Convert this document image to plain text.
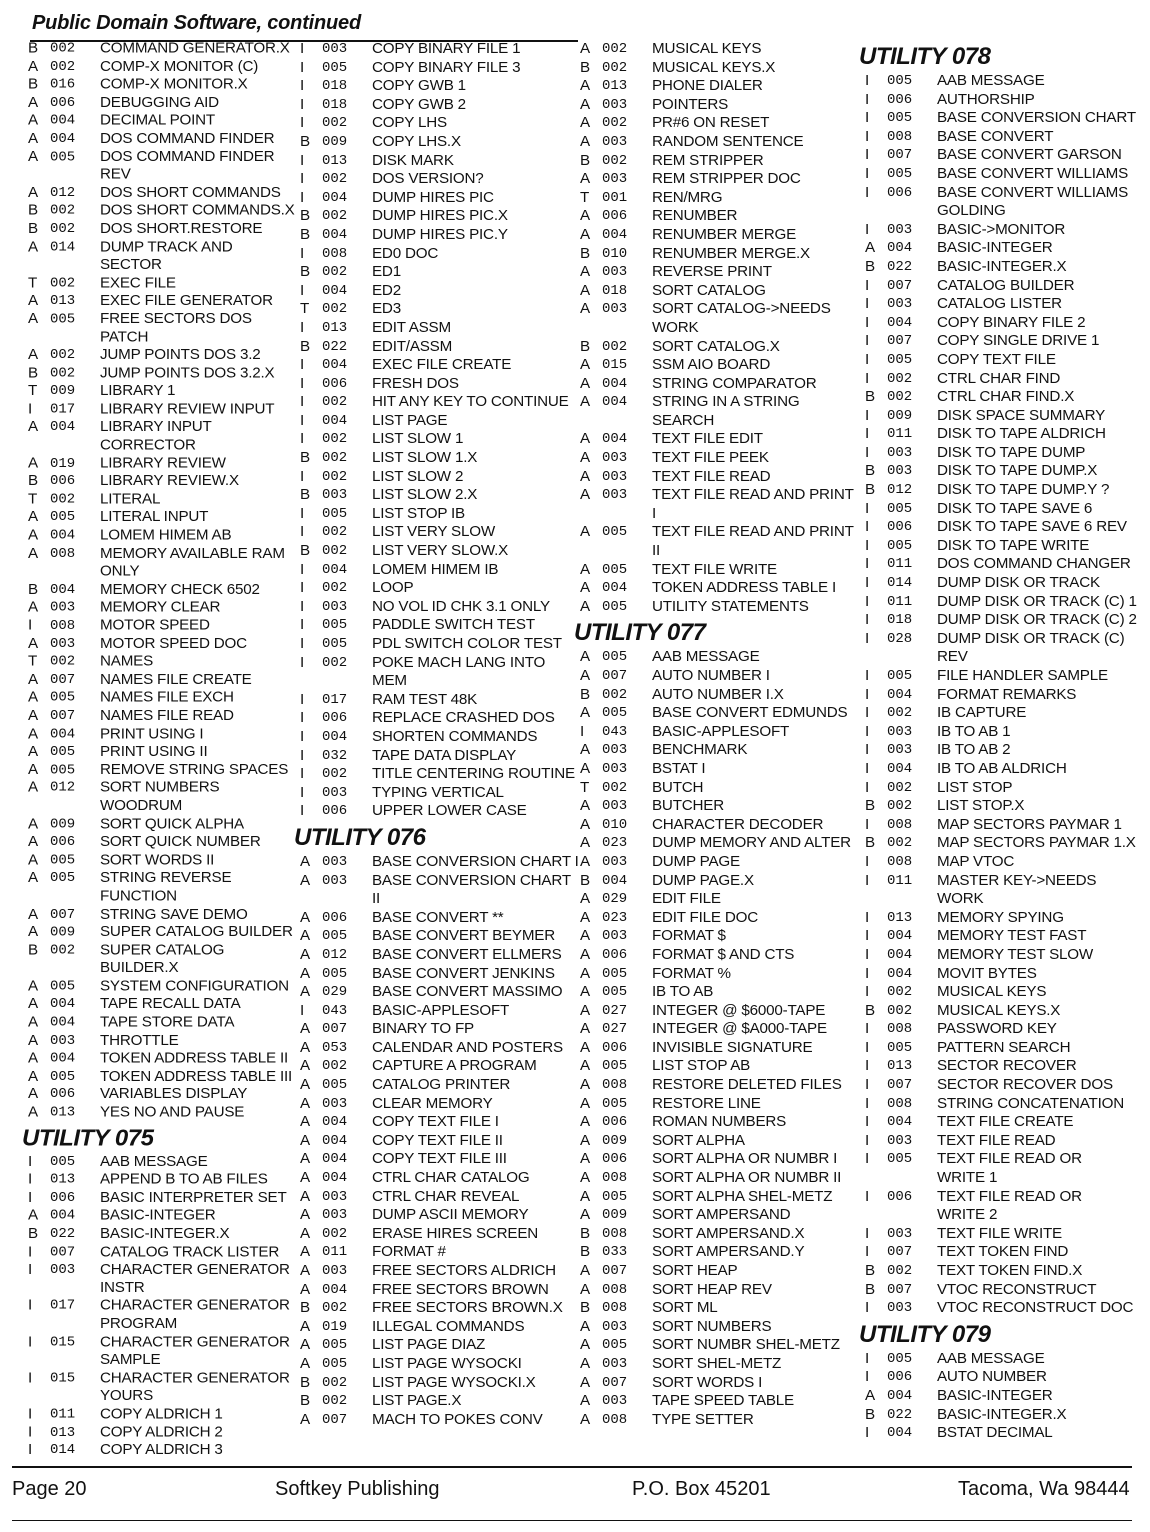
Public Domain Software, continued
B 002	COMMAND GENERATOR.X
A 002	COMP-X MONITOR (C)
B 016	COMP-X MONITOR.X
A 006	DEBUGGING AID
A 004	DECIMAL POINT
A 004	DOS COMMAND FINDER
A 005	DOS COMMAND FINDER
REV
A 012	DOS SHORT COMMANDS
B 002	DOS SHORT COMMANDS.X
B 002	DOS SHORT.RESTORE
A 014	DUMP TRACK AND SECTOR
T 002	EXEC FILE
A 013	EXEC FILE GENERATOR
A 005	FREE SECTORS DOS PATCH
A 002	JUMP POINTS DOS 3.2
B 002	JUMP POINTS DOS 3.2.X
T 009	LIBRARY 1
I	017	LIBRARY REVIEW INPUT
A 004	LIBRARY INPUT
CORRECTOR
A 019	LIBRARY REVIEW
B 006	LIBRARY REVIEW.X
T 002	LITERAL
A 005	LITERAL INPUT
A 004	LOMEM HIMEM AB
A 008	MEMORY AVAILABLE RAM
ONLY
B 004	MEMORY CHECK 6502
A 003	MEMORY CLEAR
I	008	MOTOR SPEED
A 003	MOTOR SPEED DOC
T 002	NAMES
A 007	NAMES FILE CREATE
A 005	NAMES FILE EXCH
A 007	NAMES FILE READ
A 004	PRINT USING I
A 005	PRINT USING II
A 005	REMOVE STRING SPACES
A 012	SORT NUMBERS WOODRUM
A 009	SORT QUICK ALPHA
A 006	SORT QUICK NUMBER
A 005	SORT WORDS II
A 005	STRING REVERSE
FUNCTION
A 007	STRING SAVE DEMO
A 009	SUPER CATALOG BUILDER
B 002	SUPER CATALOG BUILDER.X
A 005	SYSTEM CONFIGURATION
A 004	TAPE RECALL DATA
A 004	TAPE STORE DATA
A 003	THROTTLE
A 004	TOKEN ADDRESS TABLE II
A 005	TOKEN ADDRESS TABLE III
A 006	VARIABLES DISPLAY
A 013	YES NO AND PAUSE
UTILITY 075
I	005	AAB MESSAGE
I	013	APPEND B TO AB FILES
I	006	BASIC INTERPRETER SET
A 004	BASIC-INTEGER
B 022	BASIC-INTEGER.X
I	007	CATALOG TRACK LISTER
I	003	CHARACTER GENERATOR
INSTR
I	017	CHARACTER GENERATOR
PROGRAM
I	015	CHARACTER GENERATOR
SAMPLE
I	015	CHARACTER GENERATOR
YOURS
I	011	COPY ALDRICH 1
I	013	COPY ALDRICH 2
I	014	COPY ALDRICH 3
I	003	COPY BINARY FILE 1
I	005	COPY BINARY FILE 3
I	018	COPY GWB 1
I	018	COPY GWB 2
I	002	COPY LHS
B 009	COPY LHS.X
I	013	DISK MARK
I	002	DOS VERSION?
I	004	DUMP HIRES PIC
B 002	DUMP HIRES PIC.X
B 004	DUMP HIRES PIC.Y
I	008	ED0 DOC
B 002	ED1
I	004	ED2
T 002	ED3
I	013	EDIT ASSM
B 022	EDIT/ASSM
I	004	EXEC FILE CREATE
I	006	FRESH DOS
I	002	HIT ANY KEY TO CONTINUE
I	004	LIST PAGE
I	002	LIST SLOW 1
B 002	LIST SLOW 1.X
I	002	LIST SLOW 2
B 003	LIST SLOW 2.X
I	005	LIST STOP IB
I	002	LIST VERY SLOW
B 002	LIST VERY SLOW.X
I	004	LOMEM HIMEM IB
I	002	LOOP
I	003	NO VOL ID CHK 3.1 ONLY
I	005	PADDLE SWITCH TEST
I	005	PDL SWITCH COLOR TEST
I	002	POKE MACH LANG INTO
MEM
I	017	RAM TEST 48K
I	006	REPLACE CRASHED DOS
I	004	SHORTEN COMMANDS
I	032	TAPE DATA DISPLAY
I	002	TITLE CENTERING ROUTINE
I	003	TYPING VERTICAL
I	006	UPPER LOWER CASE
UTILITY 076
A 003	BASE CONVERSION CHART I
A 003	BASE CONVERSION CHART
II
A 006	BASE CONVERT **
A 005	BASE CONVERT BEYMER
A 012	BASE CONVERT ELLMERS
A 005	BASE CONVERT JENKINS
A 029	BASE CONVERT MASSIMO
I	043	BASIC-APPLESOFT
A 007	BINARY TO FP
A 053	CALENDAR AND POSTERS
A 002	CAPTURE A PROGRAM
A 005	CATALOG PRINTER
A 003	CLEAR MEMORY
A 004	COPY TEXT FILE I
A 004	COPY TEXT FILE II
A 004	COPY TEXT FILE III
A 004	CTRL CHAR CATALOG
A 003	CTRL CHAR REVEAL
A 003	DUMP ASCII MEMORY
A 002	ERASE HIRES SCREEN
A 011	FORMAT #
A 003	FREE SECTORS ALDRICH
A 004	FREE SECTORS BROWN
B 002	FREE SECTORS BROWN.X
A 019	ILLEGAL COMMANDS
A 005	LIST PAGE DIAZ
A 005	LIST PAGE WYSOCKI
B 002	LIST PAGE WYSOCKI.X
B 002	LIST PAGE.X
A 007	MACH TO POKES CONV
A 002	MUSICAL KEYS
B 002	MUSICAL KEYS.X
A 013	PHONE DIALER
A 003	POINTERS
A 002	PR#6 ON RESET
A 003	RANDOM SENTENCE
B 002	REM STRIPPER
A 003	REM STRIPPER DOC
T 001	REN/MRG
A 006	RENUMBER
A 004	RENUMBER MERGE
B 010	RENUMBER MERGE.X
A 003	REVERSE PRINT
A 018	SORT CATALOG
A 003	SORT CATALOG->NEEDS
WORK
B 002	SORT CATALOG.X
A 015	SSM AIO BOARD
A 004	STRING COMPARATOR
A 004	STRING IN A STRING
SEARCH
A 004	TEXT FILE EDIT
A 003	TEXT FILE PEEK
A 003	TEXT FILE READ
A 003	TEXT FILE READ AND PRINT
I
A 005	TEXT FILE READ AND PRINT
II
A 005	TEXT FILE WRITE
A 004	TOKEN ADDRESS TABLE I
A 005	UTILITY STATEMENTS
UTILITY 077
A 005	AAB MESSAGE
A 007	AUTO NUMBER I
B 002	AUTO NUMBER I.X
A 005	BASE CONVERT EDMUNDS
I	043	BASIC-APPLESOFT
A 003	BENCHMARK
A 003	BSTAT I
T 002	BUTCH
A 003	BUTCHER
A 010	CHARACTER DECODER
A 023	DUMP MEMORY AND ALTER
A 003	DUMP PAGE
B 004	DUMP PAGE.X
A 029	EDIT FILE
A 023	EDIT FILE DOC
A 003	FORMAT $
A 006	FORMAT $ AND CTS
A 005	FORMAT %
A 005	IB TO AB
A 027	INTEGER @ $6000-TAPE
A 027	INTEGER @ $A000-TAPE
A 006	INVISIBLE SIGNATURE
A 005	LIST STOP AB
A 008	RESTORE DELETED FILES
A 005	RESTORE LINE
A 006	ROMAN NUMBERS
A 009	SORT ALPHA
A 006	SORT ALPHA OR NUMBR I
A 008	SORT ALPHA OR NUMBR II
A 005	SORT ALPHA SHEL-METZ
A 009	SORT AMPERSAND
B 008	SORT AMPERSAND.X
B 033	SORT AMPERSAND.Y
A 007	SORT HEAP
A 008	SORT HEAP REV
B 008	SORT ML
A 003	SORT NUMBERS
A 005	SORT NUMBR SHEL-METZ
A 003	SORT SHEL-METZ
A 007	SORT WORDS I
A 003	TAPE SPEED TABLE
A 008	TYPE SETTER
UTILITY 078
I	005	AAB MESSAGE
I	006	AUTHORSHIP
I	005	BASE CONVERSION CHART
I	008	BASE CONVERT
I	007	BASE CONVERT GARSON
I	005	BASE CONVERT WILLIAMS
I	006	BASE CONVERT WILLIAMS
GOLDING
I	003	BASIC->MONITOR
A 004	BASIC-INTEGER
B 022	BASIC-INTEGER.X
I	007	CATALOG BUILDER
I	003	CATALOG LISTER
I	004	COPY BINARY FILE 2
I	007	COPY SINGLE DRIVE 1
I	005	COPY TEXT FILE
I	002	CTRL CHAR FIND
B 002	CTRL CHAR FIND.X
I	009	DISK SPACE SUMMARY
I	011	DISK TO TAPE ALDRICH
I	003	DISK TO TAPE DUMP
B 003	DISK TO TAPE DUMP.X
B 012	DISK TO TAPE DUMP.Y ?
I	005	DISK TO TAPE SAVE 6
I	006	DISK TO TAPE SAVE 6 REV
I	005	DISK TO TAPE WRITE
I	011	DOS COMMAND CHANGER
I	014	DUMP DISK OR TRACK
I	011	DUMP DISK OR TRACK (C) 1
I	018	DUMP DISK OR TRACK (C) 2
I	028	DUMP DISK OR TRACK (C)
REV
I	005	FILE HANDLER SAMPLE
I	004	FORMAT REMARKS
I	002	IB CAPTURE
I	003	IB TO AB 1
I	003	IB TO AB 2
I	004	IB TO AB ALDRICH
I	002	LIST STOP
B 002	LIST STOP.X
I	008	MAP SECTORS PAYMAR 1
B 002	MAP SECTORS PAYMAR 1.X
I	008	MAP VTOC
I	011	MASTER KEY->NEEDS
WORK
I	013	MEMORY SPYING
I	004	MEMORY TEST FAST
I	004	MEMORY TEST SLOW
I	004	MOVIT BYTES
I	002	MUSICAL KEYS
B 002	MUSICAL KEYS.X
I	008	PASSWORD KEY
I	005	PATTERN SEARCH
I	013	SECTOR RECOVER
I	007	SECTOR RECOVER DOS
I	008	STRING CONCATENATION
I	004	TEXT FILE CREATE
I	003	TEXT FILE READ
I	005	TEXT FILE READ OR
WRITE 1
I	006	TEXT FILE READ OR
WRITE 2
I	003	TEXT FILE WRITE
I	007	TEXT TOKEN FIND
B 002	TEXT TOKEN FIND.X
B 007	VTOC RECONSTRUCT
I	003	VTOC RECONSTRUCT DOC
UTILITY 079
I	005	AAB MESSAGE
I	006	AUTO NUMBER
A 004	BASIC-INTEGER
B 022	BASIC-INTEGER.X
I	004	BSTAT DECIMAL
Page 20	Softkey Publishing	P.O. Box 45201	Tacoma, Wa 98444
